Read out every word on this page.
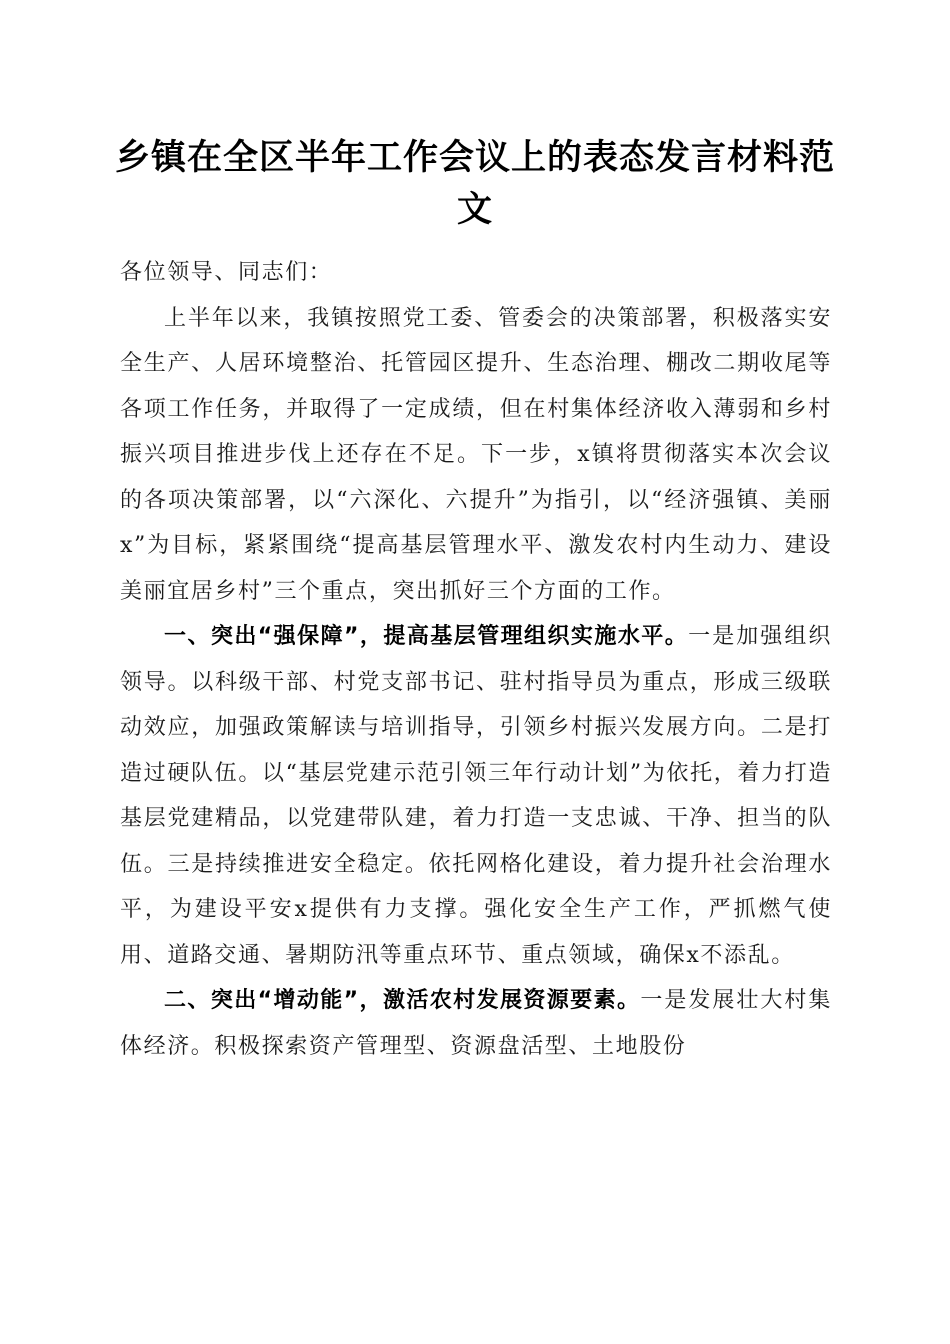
乡镇在全区半年工作会议上的表态发言材料范文

各位领导、同志们：

上半年以来，我镇按照党工委、管委会的决策部署，积极落实安全生产、人居环境整治、托管园区提升、生态治理、棚改二期收尾等各项工作任务，并取得了一定成绩，但在村集体经济收入薄弱和乡村振兴项目推进步伐上还存在不足。下一步，x镇将贯彻落实本次会议的各项决策部署，以“六深化、六提升”为指引，以“经济强镇、美丽x”为目标，紧紧围绕“提高基层管理水平、激发农村内生动力、建设美丽宜居乡村”三个重点，突出抓好三个方面的工作。

一、突出“强保障”，提高基层管理组织实施水平。一是加强组织领导。以科级干部、村党支部书记、驻村指导员为重点，形成三级联动效应，加强政策解读与培训指导，引领乡村振兴发展方向。二是打造过硬队伍。以“基层党建示范引领三年行动计划”为依托，着力打造基层党建精品，以党建带队建，着力打造一支忠诚、干净、担当的队伍。三是持续推进安全稳定。依托网格化建设，着力提升社会治理水平，为建设平安x提供有力支撑。强化安全生产工作，严抓燃气使用、道路交通、暑期防汛等重点环节、重点领域，确保x不添乱。

二、突出“增动能”，激活农村发展资源要素。一是发展壮大村集体经济。积极探索资产管理型、资源盘活型、土地股份
